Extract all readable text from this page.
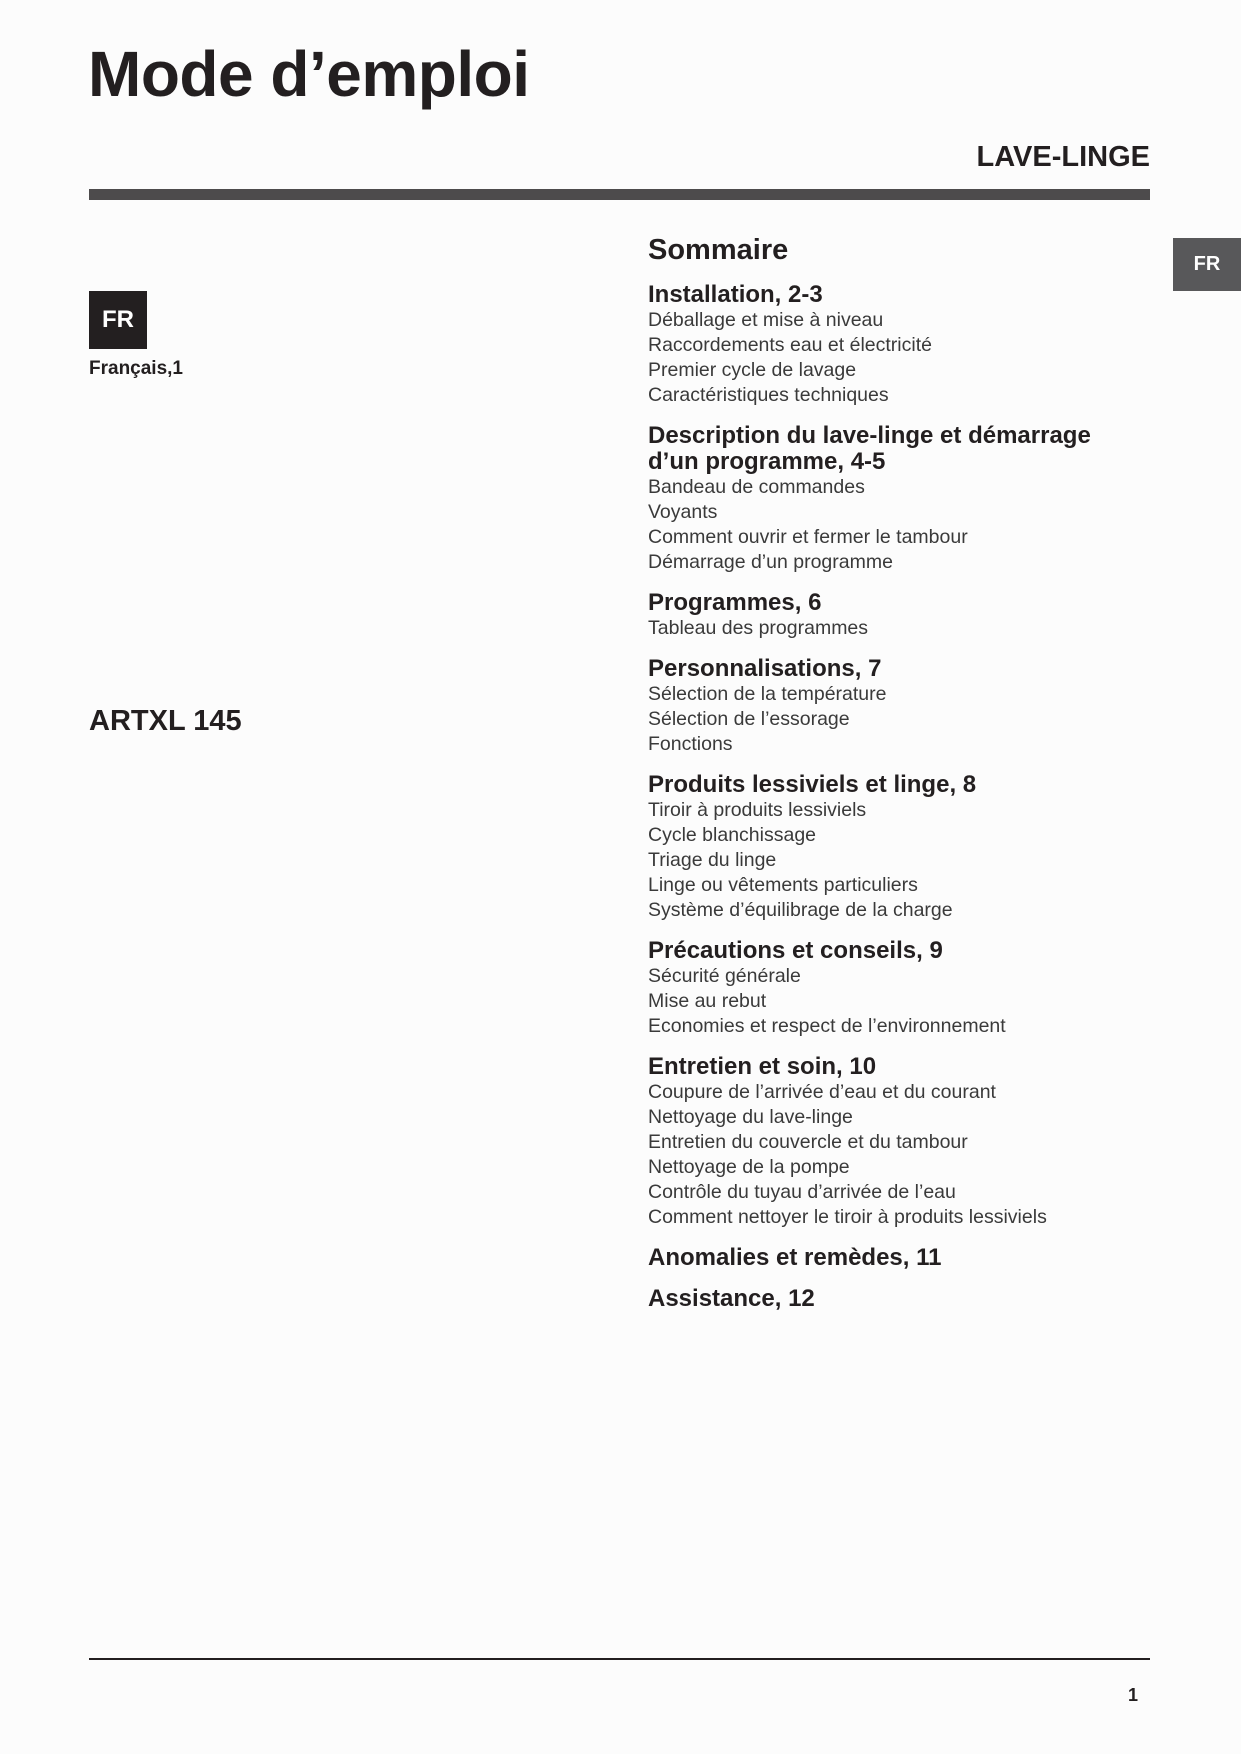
Mode d’emploi
LAVE-LINGE
FR
FR
Français,1
ARTXL 145
Sommaire
Installation, 2-3
Déballage et mise à niveau
Raccordements eau et électricité
Premier cycle de lavage
Caractéristiques techniques
Description du lave-linge et démarrage d’un programme, 4-5
Bandeau de commandes
Voyants
Comment ouvrir et fermer le tambour
Démarrage d’un programme
Programmes, 6
Tableau des programmes
Personnalisations, 7
Sélection de la température
Sélection de l’essorage
Fonctions
Produits lessiviels et linge, 8
Tiroir à produits lessiviels
Cycle blanchissage
Triage du linge
Linge ou vêtements particuliers
Système d’équilibrage de la charge
Précautions et conseils, 9
Sécurité générale
Mise au rebut
Economies et respect de l’environnement
Entretien et soin, 10
Coupure de l’arrivée d’eau et du courant
Nettoyage du lave-linge
Entretien du couvercle et du tambour
Nettoyage de la pompe
Contrôle du tuyau d’arrivée de l’eau
Comment nettoyer le tiroir à produits lessiviels
Anomalies et remèdes, 11
Assistance, 12
1
